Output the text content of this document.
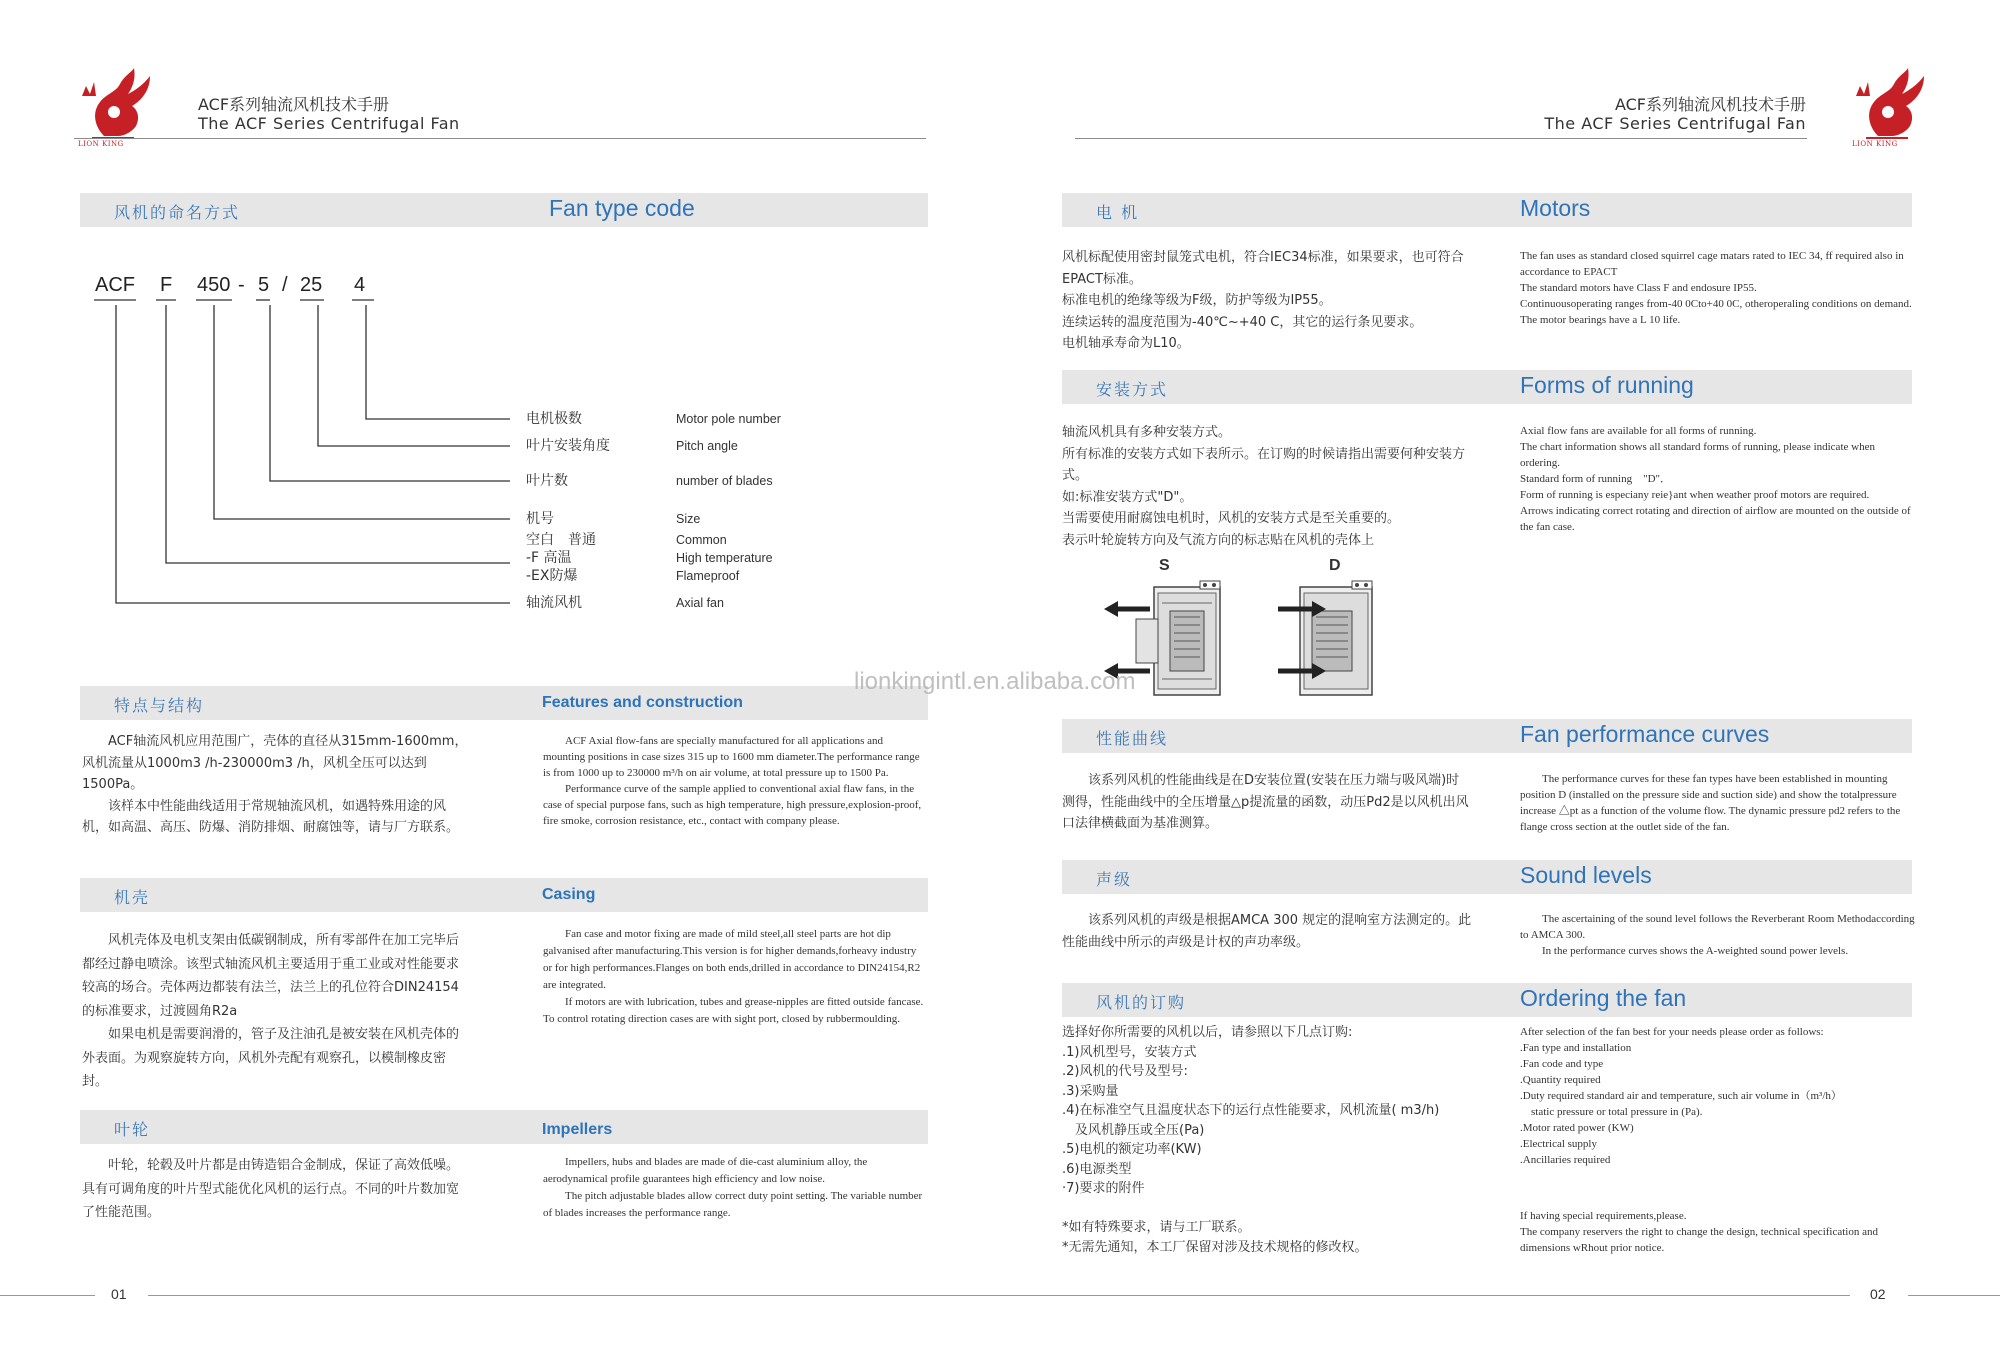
LION KING
ACF系列轴流风机技术手册
The ACF Series Centrifugal Fan
ACF系列轴流风机技术手册
The ACF Series Centrifugal Fan
LION KING
风机的命名方式	Fan type code
ACF F 450 - 5 / 25 4
电机极数	Motor pole number
叶片安装角度	Pitch angle
叶片数	number of blades
机号	Size
空白　普通	Common
-F 高温	High temperature
-EX防爆	Flameproof
轴流风机	Axial fan
特点与结构	Features and construction

　　ACF轴流风机应用范围广，壳体的直径从315mm-1600mm，风机流量从1000m3 /h-230000m3 /h，风机全压可以达到1500Pa。

　　该样本中性能曲线适用于常规轴流风机，如遇特殊用途的风机，如高温、高压、防爆、消防排烟、耐腐蚀等，请与厂方联系。

　　ACF Axial flow-fans are specially manufactured for all applications and mounting positions in case sizes 315 up to 1600 mm diameter.The performance range is from 1000 up to 230000 m³/h on air volume, at total pressure up to 1500 Pa.

　　Performance curve of the sample applied to conventional axial flaw fans, in the case of special purpose fans, such as high temperature, high pressure,explosion-proof, fire smoke, corrosion resistance, etc., contact with company please.

机壳	Casing

　　风机壳体及电机支架由低碳钢制成，所有零部件在加工完毕后都经过静电喷涂。该型式轴流风机主要适用于重工业或对性能要求较高的场合。壳体两边都装有法兰，法兰上的孔位符合DIN24154的标准要求，过渡圆角R2a

　　如果电机是需要润滑的，管子及注油孔是被安装在风机壳体的外表面。为观察旋转方向，风机外壳配有观察孔，以模制橡皮密封。

　　Fan case and motor fixing are made of mild steel,all steel parts are hot dip galvanised after manufacturing.This version is for higher demands,forheavy industry or for high performances.Flanges on both ends,drilled in accordance to DIN24154,R2 are integrated.

　　If motors are with lubrication, tubes and grease-nipples are fitted outside fancase. To control rotating direction cases are with sight port, closed by rubbermoulding.

叶轮	Impellers

　　叶轮，轮毂及叶片都是由铸造铝合金制成，保证了高效低噪。具有可调角度的叶片型式能优化风机的运行点。不同的叶片数加宽了性能范围。

　　Impellers, hubs and blades are made of die-cast aluminium alloy, the aerodynamical profile guarantees high efficiency and low noise.

　　The pitch adjustable blades allow correct duty point setting. The variable number of blades increases the performance range.

电 机	Motors

风机标配使用密封鼠笼式电机，符合IEC34标准，如果要求，也可符合EPACT标准。

标准电机的绝缘等级为F级，防护等级为IP55。

连续运转的温度范围为-40℃~+40 C，其它的运行条见要求。

电机轴承寿命为L10。

The fan uses as standard closed squirrel cage matars rated to IEC 34, ff required also in accordance to EPACT

The standard motors have Class F and endosure IP55.

Continuousoperating ranges from-40 0Cto+40 0C, otheroperaling conditions on demand.

The motor bearings have a L 10 life.

安装方式	Forms of running

轴流风机具有多种安装方式。

所有标准的安装方式如下表所示。在订购的时候请指出需要何种安装方式。

如:标准安装方式"D"。

当需要使用耐腐蚀电机时，风机的安装方式是至关重要的。

表示叶轮旋转方向及气流方向的标志贴在风机的壳体上

Axial flow fans are available for all forms of running.

The chart information shows all standard forms of running, please indicate when ordering.

Standard form of running　"D"．

Form of running is especiany reie}ant when weather proof motors are required.

Arrows indicating correct rotating and direction of airflow are mounted on the outside of the fan case.

S	D
lionkingintl.en.alibaba.com
性能曲线	Fan performance curves

　　该系列风机的性能曲线是在D安装位置(安装在压力端与吸风端)时测得，性能曲线中的全压增量△p提流量的函数，动压Pd2是以风机出风口法律横截面为基准测算。

　　The performance curves for these fan types have been established in mounting position D (installed on the pressure side and suction side) and show the totalpressure increase △pt as a function of the volume flow. The dynamic pressure pd2 refers to the flange cross section at the outlet side of the fan.

声级	Sound levels

　　该系列风机的声级是根据AMCA 300 规定的混响室方法测定的。此性能曲线中所示的声级是计权的声功率级。

　　The ascertaining of the sound level follows the Reverberant Room Methodaccording to AMCA 300.

　　In the performance curves shows the A-weighted sound power levels.

风机的订购	Ordering the fan

选择好你所需要的风机以后，请参照以下几点订购:

.1)风机型号，安装方式

.2)风机的代号及型号:

.3)采购量

.4)在标准空气且温度状态下的运行点性能要求，风机流量( m3/h)

　及风机静压或全压(Pa)

.5)电机的额定功率(KW)

.6)电源类型

·7)要求的附件

*如有特殊要求，请与工厂联系。

*无需先通知，本工厂保留对涉及技术规格的修改权。

After selection of the fan best for your needs please order as follows:

.Fan type and installation

.Fan code and type

.Quantity required

.Duty required standard air and temperature, such air volume in（m³/h）

　static pressure or total pressure in (Pa).

.Motor rated power (KW)

.Electrical supply

.Ancillaries required

If having special requirements,please.

The company reservers the right to change the design, technical specification and dimensions wRhout prior notice.

01	02
